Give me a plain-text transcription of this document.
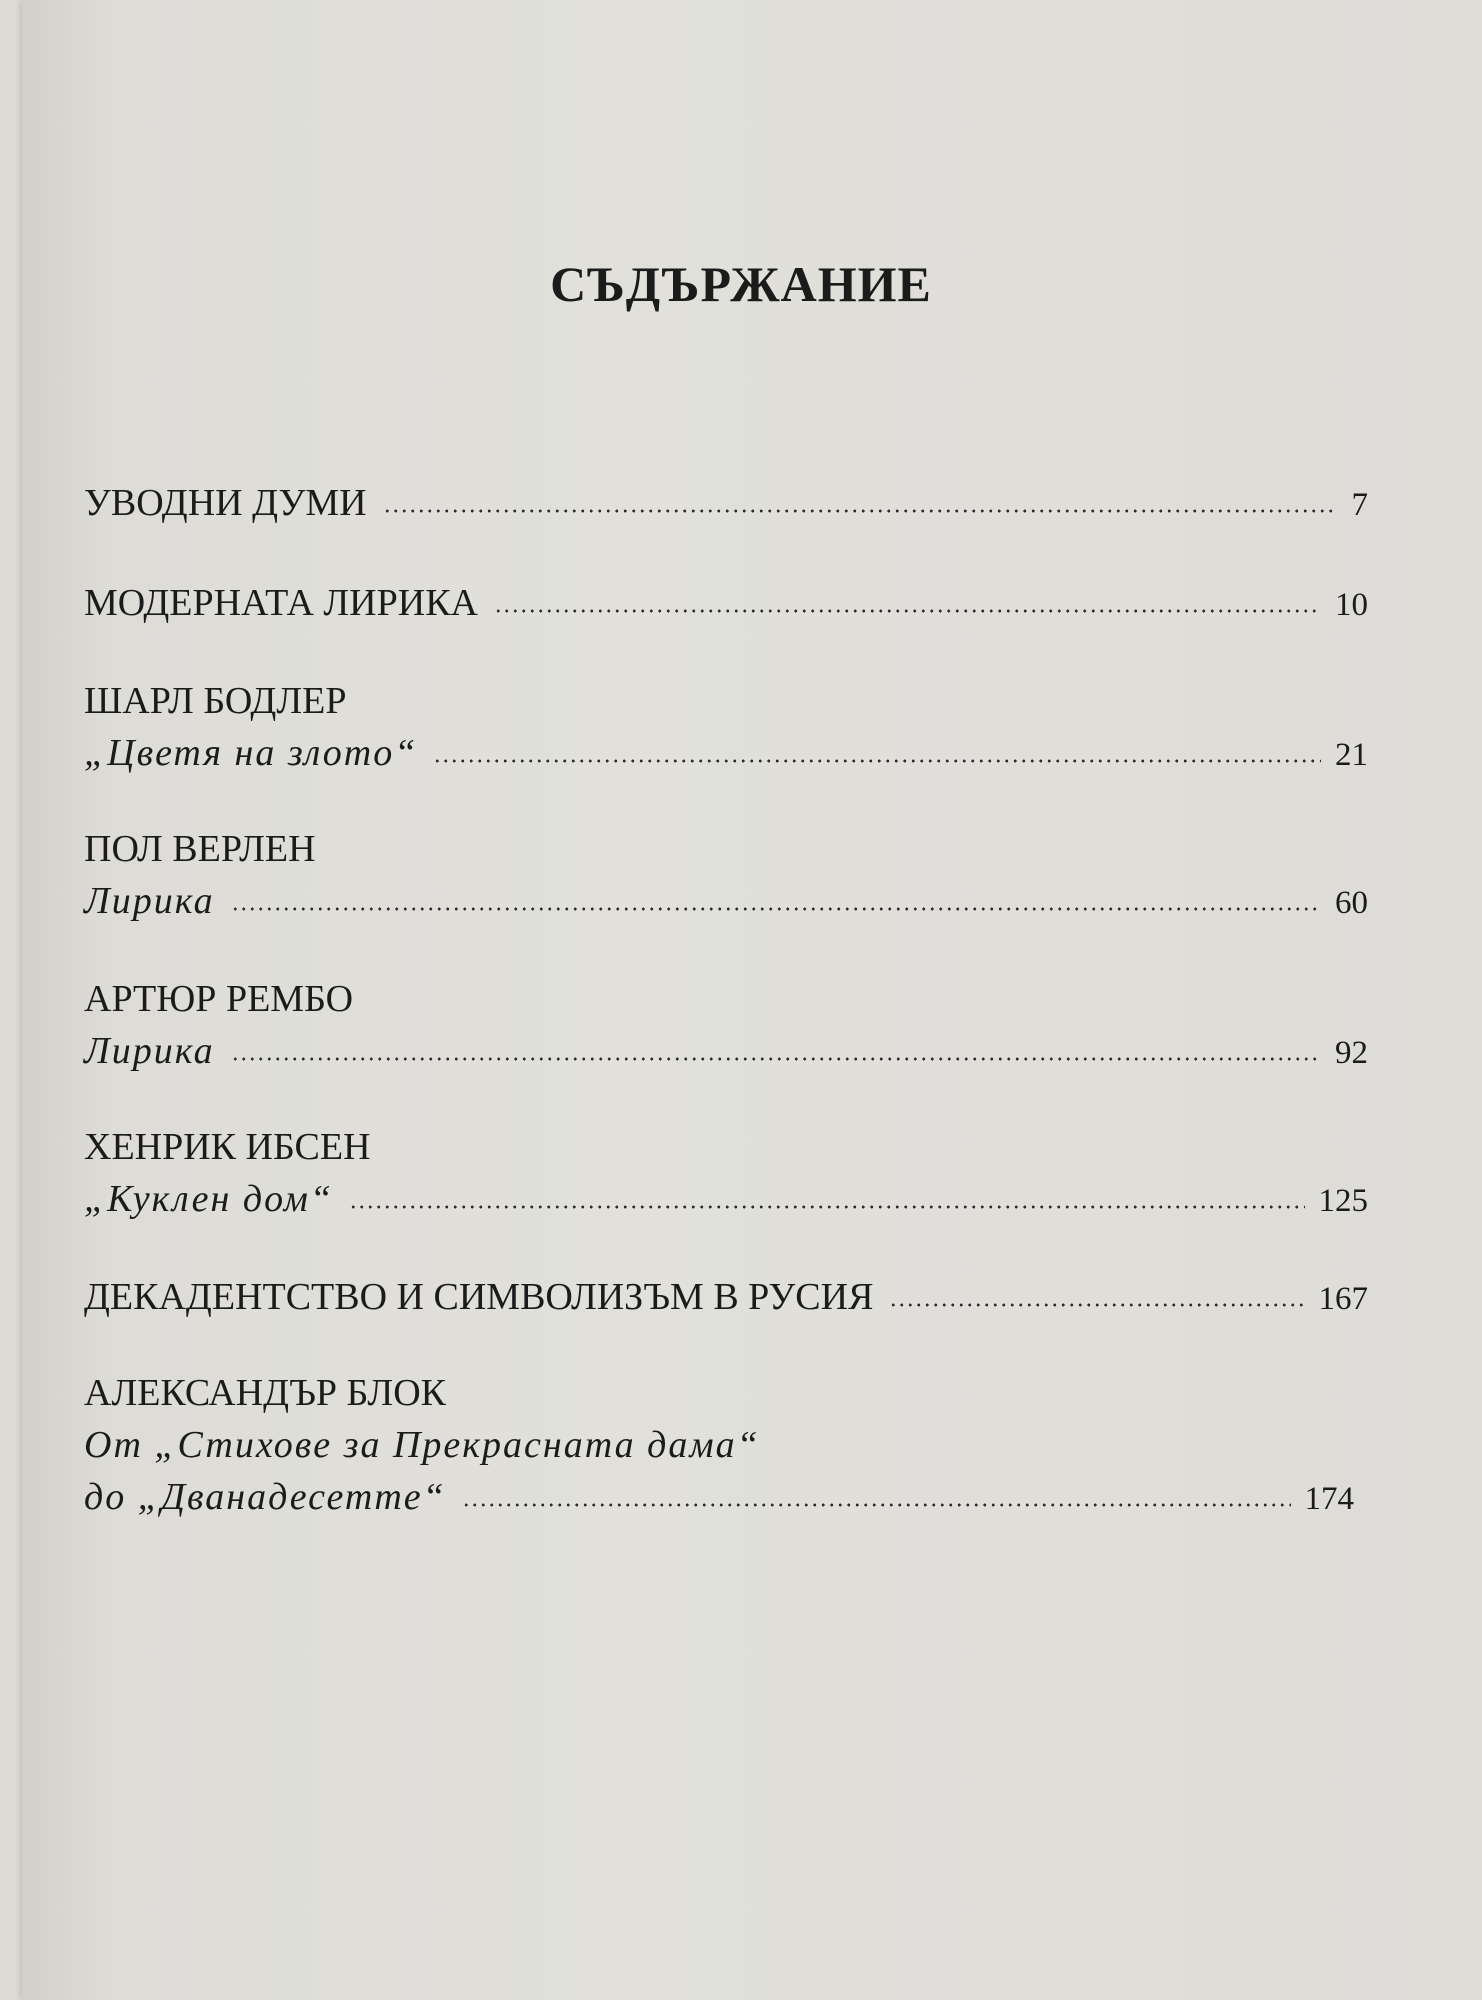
СЪДЪРЖАНИЕ
УВОДНИ ДУМИ	7
МОДЕРНАТА ЛИРИКА	10
ШАРЛ БОДЛЕР
„Цветя на злото“	21
ПОЛ ВЕРЛЕН
Лирика	60
АРТЮР РЕМБО
Лирика	92
ХЕНРИК ИБСЕН
„Куклен дом“	125
ДЕКАДЕНТСТВО И СИМВОЛИЗЪМ В РУСИЯ	167
АЛЕКСАНДЪР БЛОК
От „Стихове за Прекрасната дама“
до „Дванадесетте“	174
